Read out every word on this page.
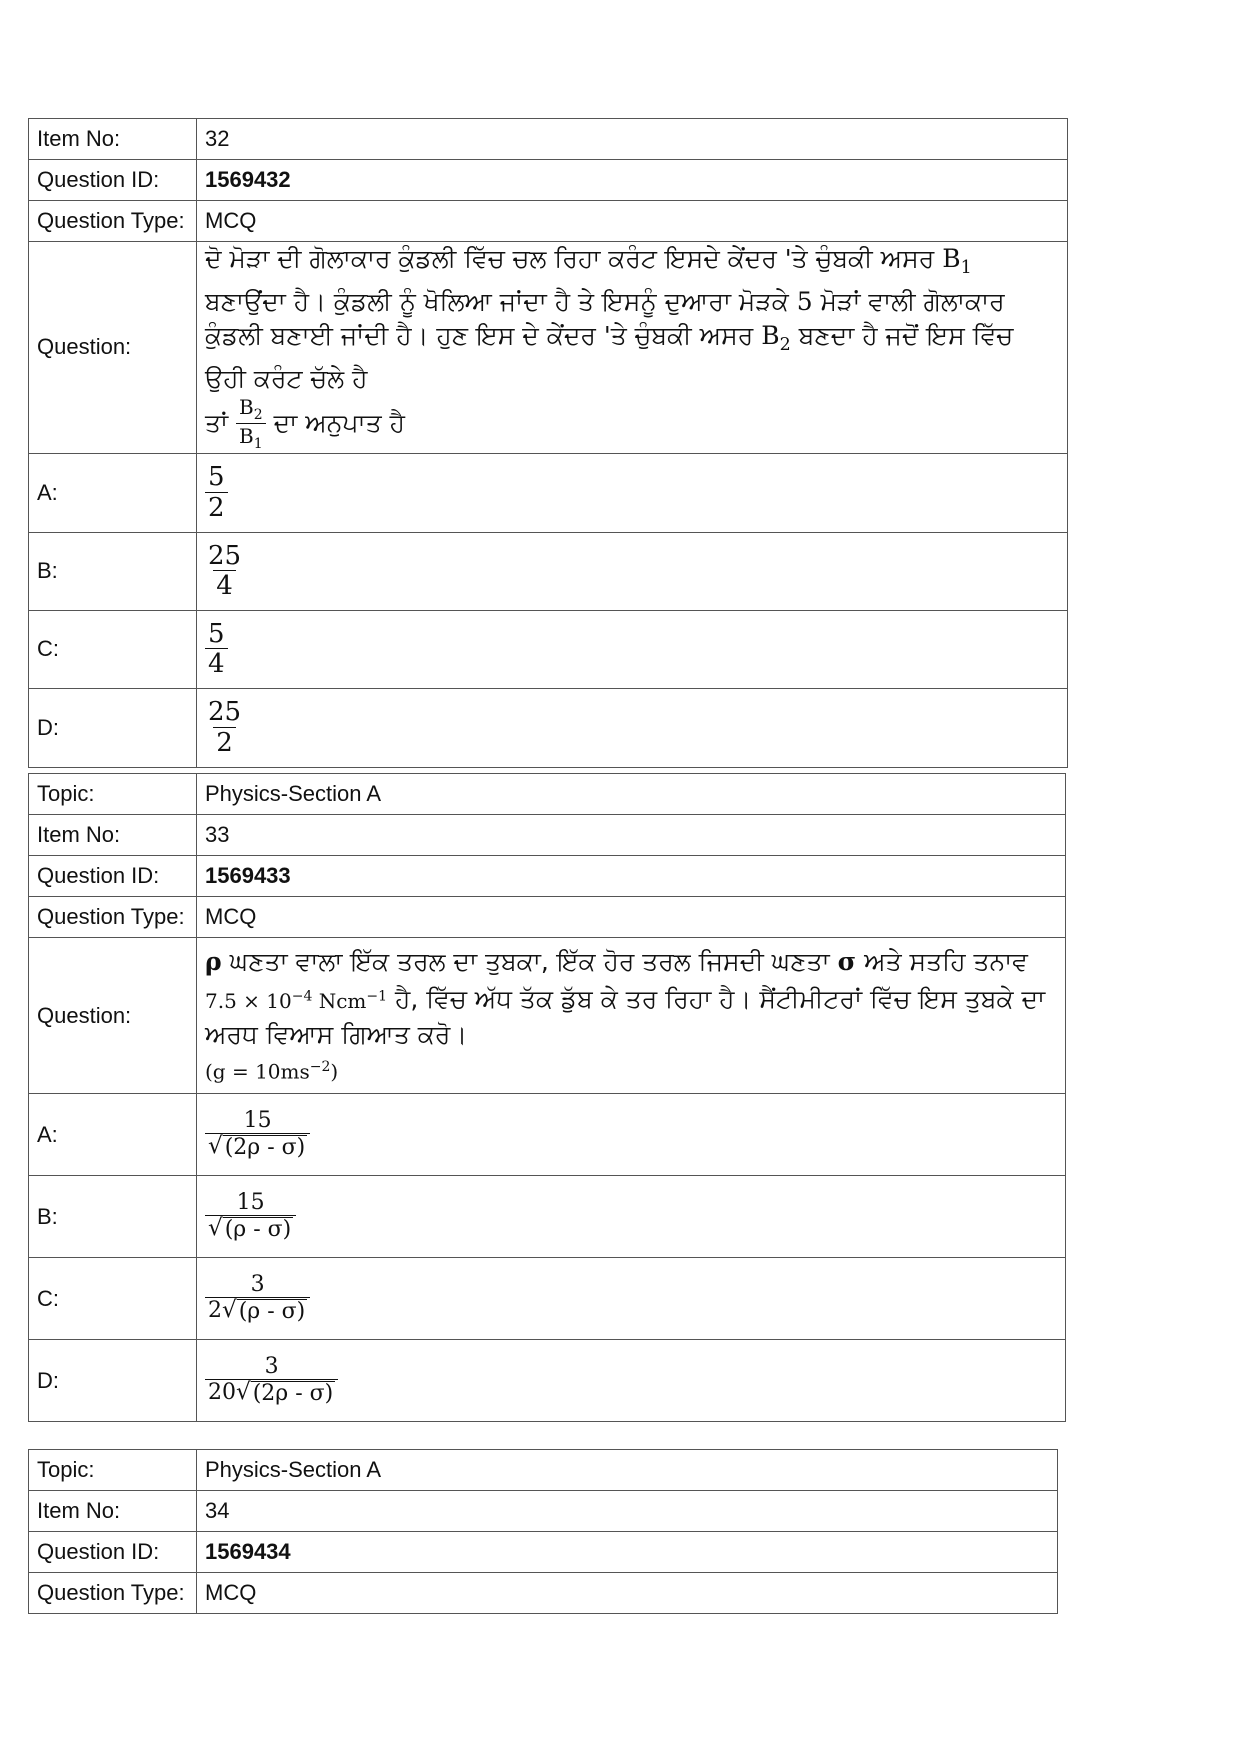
Item No:	32
Question ID:	1569432
Question Type:	MCQ
Question:	ਦੋ ਮੋੜਾ ਦੀ ਗੋਲਾਕਾਰ ਕੁੰਡਲੀ ਵਿੱਚ ਚਲ ਰਿਹਾ ਕਰੰਟ ਇਸਦੇ ਕੇਂਦਰ 'ਤੇ ਚੁੰਬਕੀ ਅਸਰ $B_1$ ਬਣਾਉਂਦਾ ਹੈ। ਕੁੰਡਲੀ ਨੂੰ ਖੋਲਿਆ ਜਾਂਦਾ ਹੈ ਤੇ ਇਸਨੂੰ ਦੁਆਰਾ ਮੋੜਕੇ 5 ਮੋੜਾਂ ਵਾਲੀ ਗੋਲਾਕਾਰ ਕੁੰਡਲੀ ਬਣਾਈ ਜਾਂਦੀ ਹੈ। ਹੁਣ ਇਸ ਦੇ ਕੇਂਦਰ 'ਤੇ ਚੁੰਬਕੀ ਅਸਰ $B_2$ ਬਣਦਾ ਹੈ ਜਦੋਂ ਇਸ ਵਿੱਚ ਉਹੀ ਕਰੰਟ ਚੱਲੇ ਹੈ
ਤਾਂ $\frac{B_2}{B_1}$ ਦਾ ਅਨੁਪਾਤ ਹੈ

A:	$\frac{5}{2}$

B:	$\frac{25}{4}$

C:	$\frac{5}{4}$

D:	$\frac{25}{2}$
Topic:	Physics-Section A
Item No:	33
Question ID:	1569433
Question Type:	MCQ
Question:	ρ ਘਣਤਾ ਵਾਲਾ ਇੱਕ ਤਰਲ ਦਾ ਤੁਬਕਾ, ਇੱਕ ਹੋਰ ਤਰਲ ਜਿਸਦੀ ਘਣਤਾ σ ਅਤੇ ਸਤਹਿ ਤਨਾਵ $7.5 \times 10^{-4}$ Ncm$^{-1}$ ਹੈ, ਵਿੱਚ ਅੱਧ ਤੱਕ ਡੁੱਬ ਕੇ ਤਰ ਰਿਹਾ ਹੈ। ਸੈਂਟੀਮੀਟਰਾਂ ਵਿੱਚ ਇਸ ਤੁਬਕੇ ਦਾ ਅਰਧ ਵਿਆਸ ਗਿਆਤ ਕਰੋ।
$(g = 10ms^{-2})$

A:	$\frac{15}{√ (2\rho - \sigma)}$

B:	$\frac{15}{√ (\rho - \sigma)}$

C:	$\frac{3}{2 √ (\rho - \sigma)}$

D:	$\frac{3}{20 √ (2\rho - \sigma)}$
Topic:	Physics-Section A
Item No:	34
Question ID:	1569434
Question Type:	MCQ
